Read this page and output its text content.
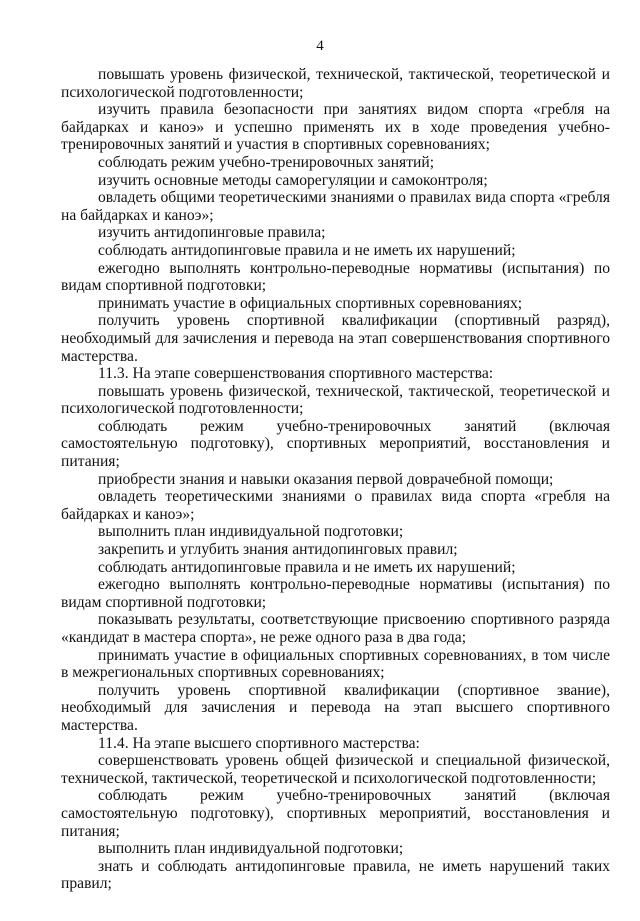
4

повышать уровень физической, технической, тактической, теоретической и психологической подготовленности;

изучить правила безопасности при занятиях видом спорта «гребля на байдарках и каноэ» и успешно применять их в ходе проведения учебно-тренировочных занятий и участия в спортивных соревнованиях;

соблюдать режим учебно-тренировочных занятий;

изучить основные методы саморегуляции и самоконтроля;

овладеть общими теоретическими знаниями о правилах вида спорта «гребля на байдарках и каноэ»;

изучить антидопинговые правила;

соблюдать антидопинговые правила и не иметь их нарушений;

ежегодно выполнять контрольно-переводные нормативы (испытания) по видам спортивной подготовки;

принимать участие в официальных спортивных соревнованиях;

получить уровень спортивной квалификации (спортивный разряд), необходимый для зачисления и перевода на этап совершенствования спортивного мастерства.

11.3. На этапе совершенствования спортивного мастерства:

повышать уровень физической, технической, тактической, теоретической и психологической подготовленности;

соблюдать режим учебно-тренировочных занятий (включая самостоятельную подготовку), спортивных мероприятий, восстановления и питания;

приобрести знания и навыки оказания первой доврачебной помощи;

овладеть теоретическими знаниями о правилах вида спорта «гребля на байдарках и каноэ»;

выполнить план индивидуальной подготовки;

закрепить и углубить знания антидопинговых правил;

соблюдать антидопинговые правила и не иметь их нарушений;

ежегодно выполнять контрольно-переводные нормативы (испытания) по видам спортивной подготовки;

показывать результаты, соответствующие присвоению спортивного разряда «кандидат в мастера спорта», не реже одного раза в два года;

принимать участие в официальных спортивных соревнованиях, в том числе в межрегиональных спортивных соревнованиях;

получить уровень спортивной квалификации (спортивное звание), необходимый для зачисления и перевода на этап высшего спортивного мастерства.

11.4. На этапе высшего спортивного мастерства:

совершенствовать уровень общей физической и специальной физической, технической, тактической, теоретической и психологической подготовленности;

соблюдать режим учебно-тренировочных занятий (включая самостоятельную подготовку), спортивных мероприятий, восстановления и питания;

выполнить план индивидуальной подготовки;

знать и соблюдать антидопинговые правила, не иметь нарушений таких правил;
